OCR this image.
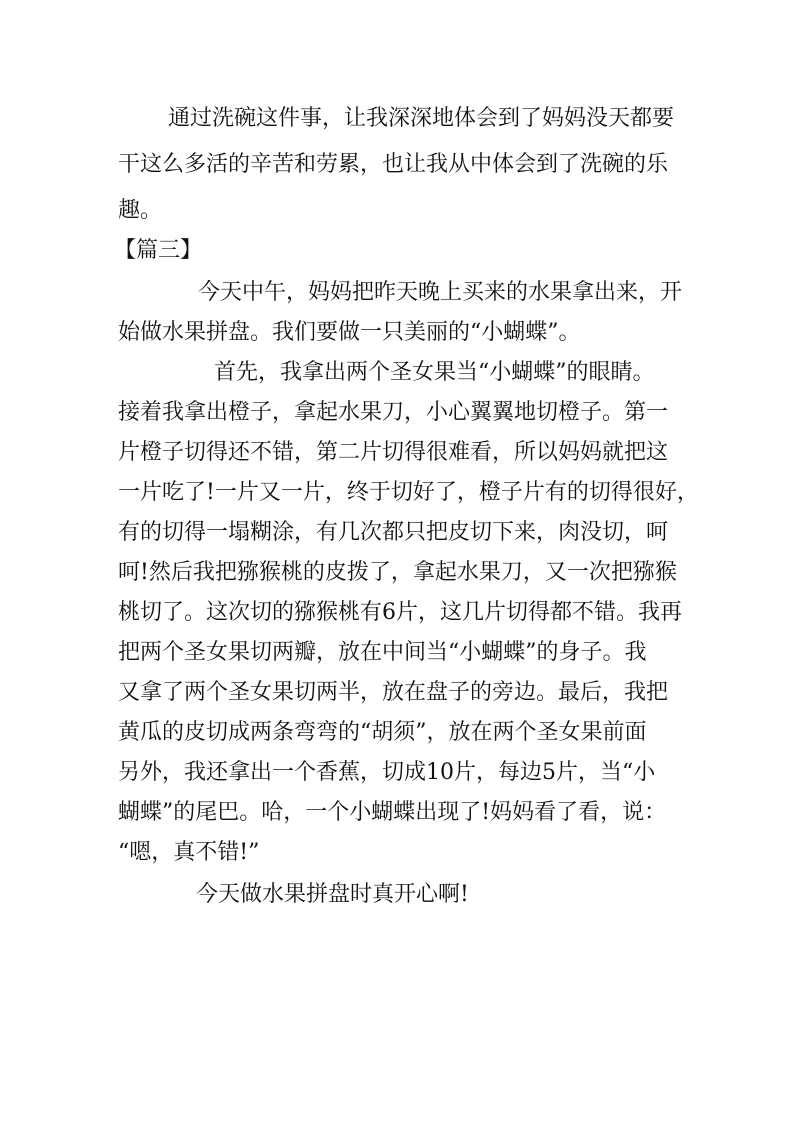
通过洗碗这件事，让我深深地体会到了妈妈没天都要
干这么多活的辛苦和劳累，也让我从中体会到了洗碗的乐
趣。
【篇三】
今天中午，妈妈把昨天晚上买来的水果拿出来，开
始做水果拼盘。我们要做一只美丽的“小蝴蝶”。
首先，我拿出两个圣女果当“小蝴蝶”的眼睛。
接着我拿出橙子，拿起水果刀，小心翼翼地切橙子。第一
片橙子切得还不错，第二片切得很难看，所以妈妈就把这
一片吃了!一片又一片，终于切好了，橙子片有的切得很好，
有的切得一塌糊涂，有几次都只把皮切下来，肉没切，呵
呵!然后我把猕猴桃的皮拨了，拿起水果刀，又一次把猕猴
桃切了。这次切的猕猴桃有6片，这几片切得都不错。我再
把两个圣女果切两瓣，放在中间当“小蝴蝶”的身子。我
又拿了两个圣女果切两半，放在盘子的旁边。最后，我把
黄瓜的皮切成两条弯弯的“胡须”，放在两个圣女果前面
另外，我还拿出一个香蕉，切成10片，每边5片，当“小
蝴蝶”的尾巴。哈，一个小蝴蝶出现了!妈妈看了看，说：
“嗯，真不错!”
今天做水果拼盘时真开心啊!
